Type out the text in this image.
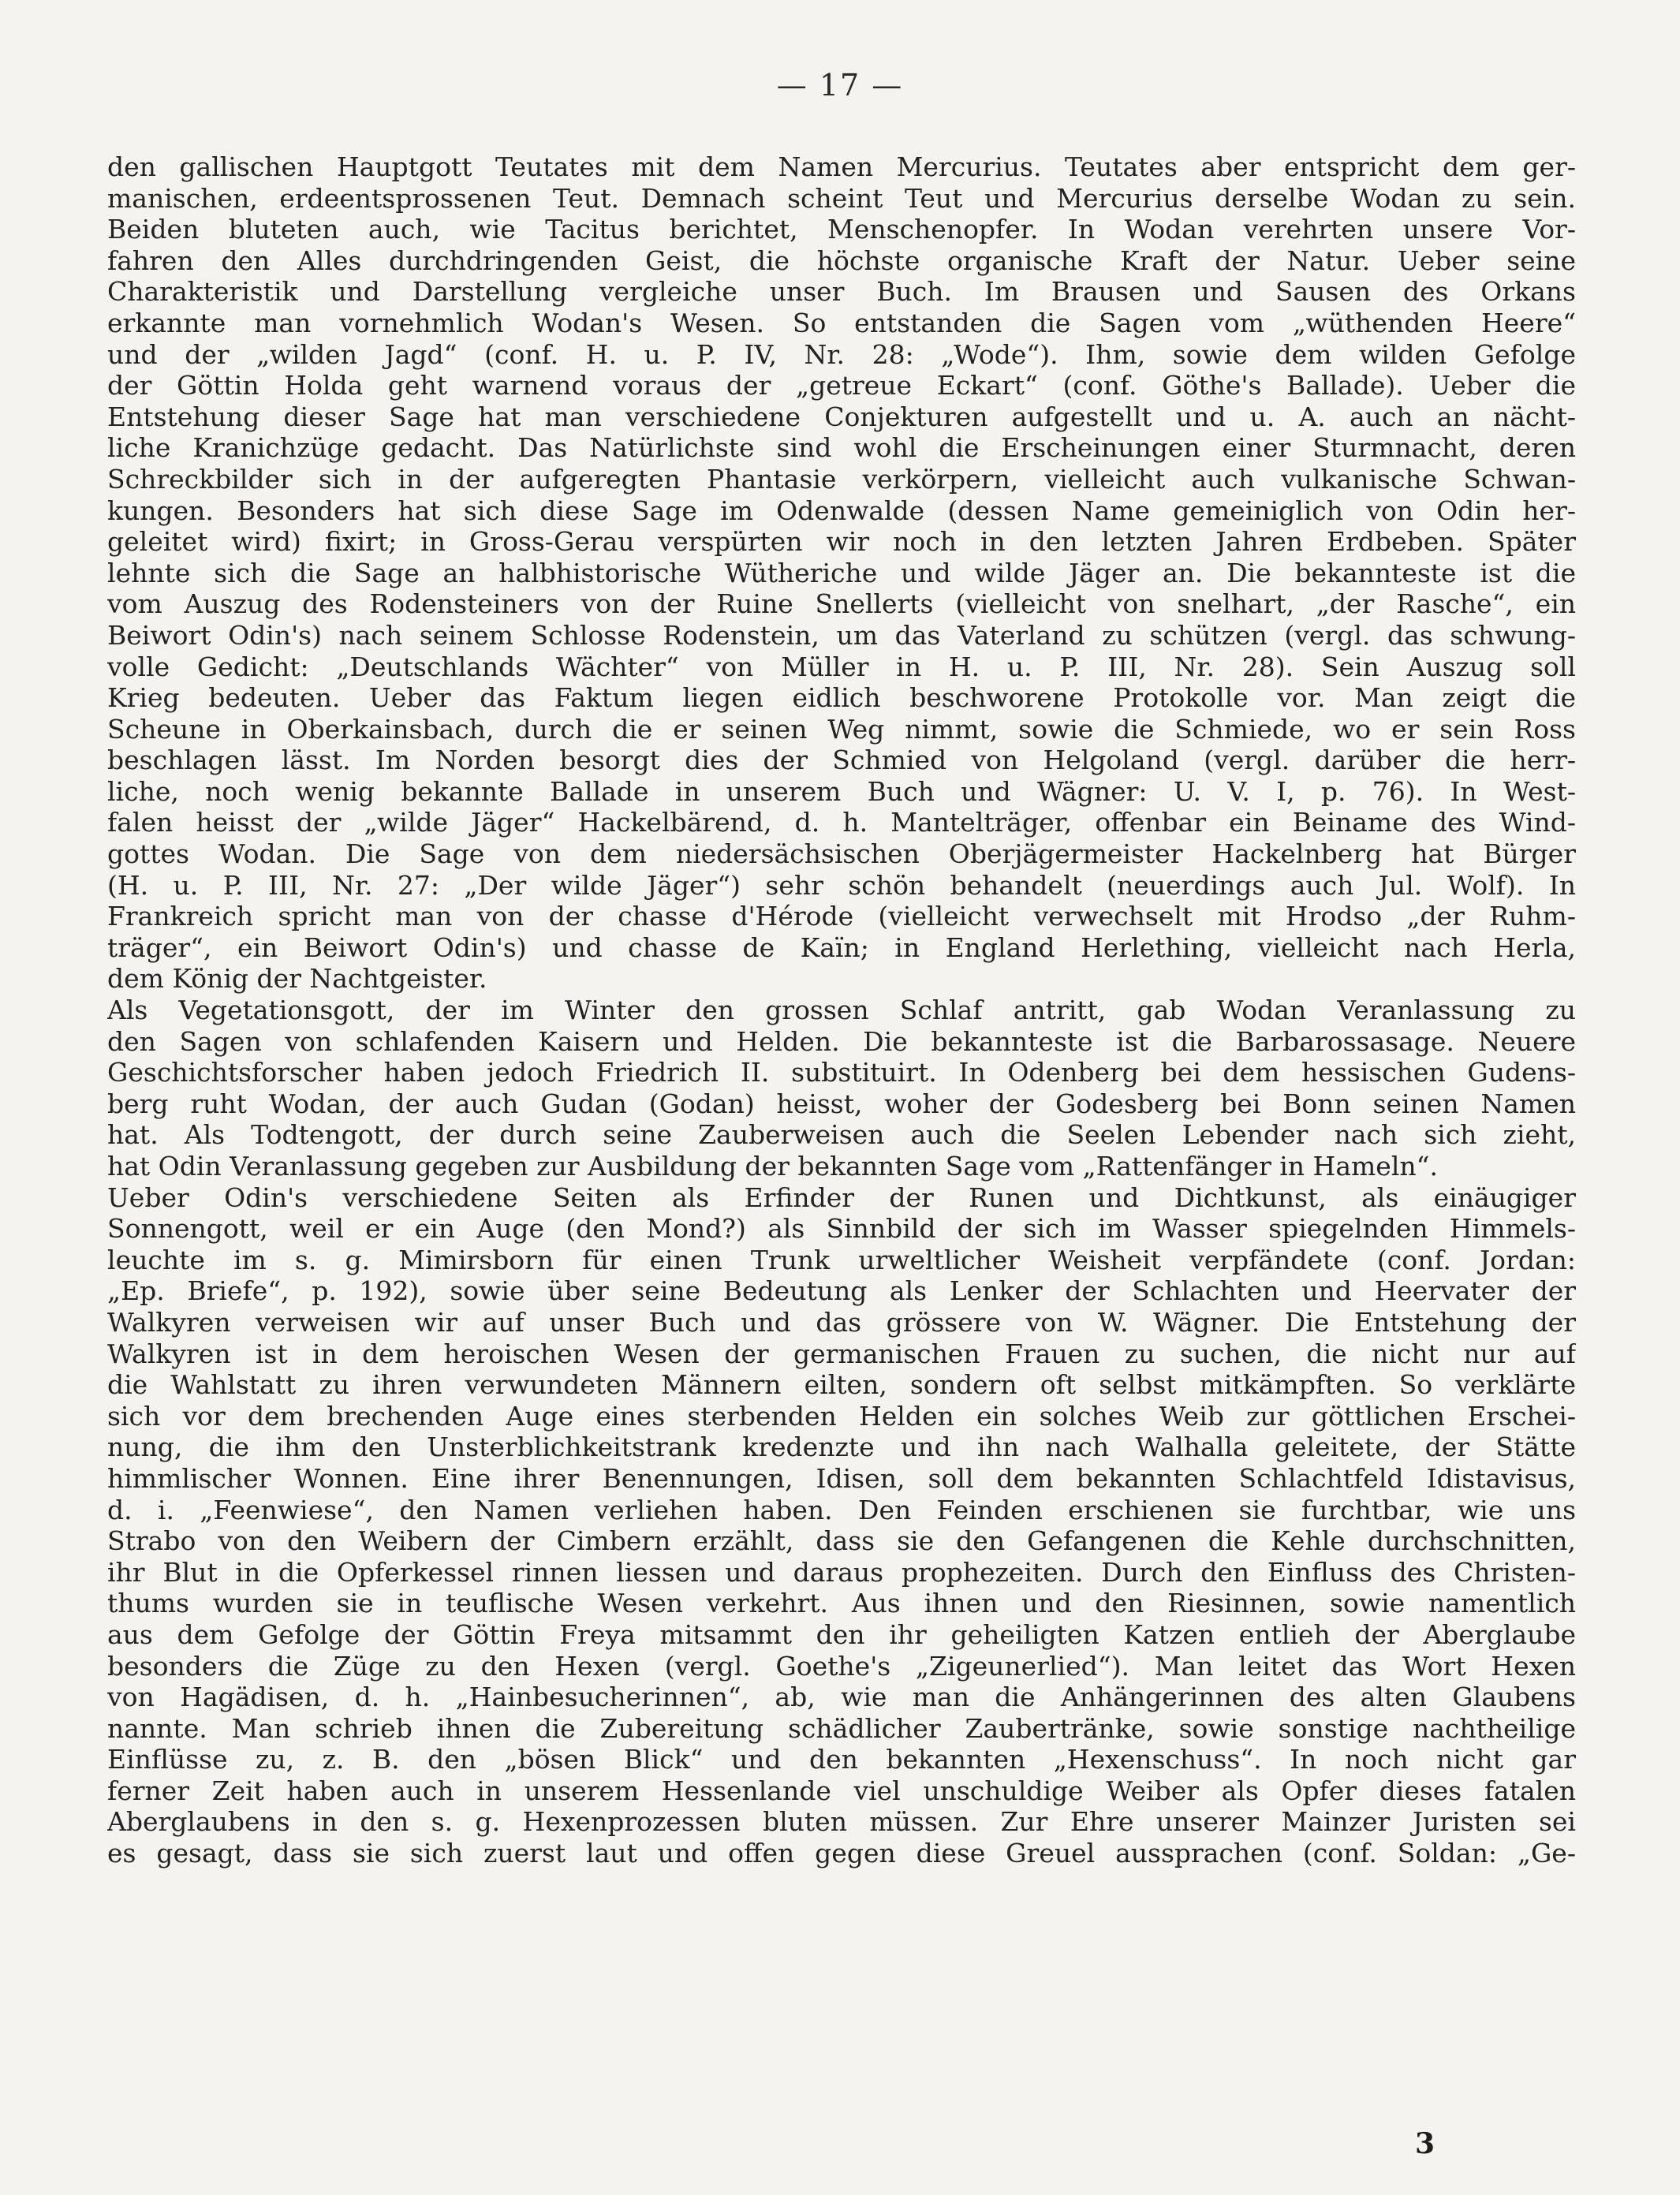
— 17 —
den gallischen Hauptgott Teutates mit dem Namen Mercurius. Teutates aber entspricht dem ger-
manischen, erdeentsprossenen Teut. Demnach scheint Teut und Mercurius derselbe Wodan zu sein.
Beiden bluteten auch, wie Tacitus berichtet, Menschenopfer. In Wodan verehrten unsere Vor-
fahren den Alles durchdringenden Geist, die höchste organische Kraft der Natur. Ueber seine
Charakteristik und Darstellung vergleiche unser Buch. Im Brausen und Sausen des Orkans
erkannte man vornehmlich Wodan's Wesen. So entstanden die Sagen vom „wüthenden Heere“
und der „wilden Jagd“ (conf. H. u. P. IV, Nr. 28: „Wode“). Ihm, sowie dem wilden Gefolge
der Göttin Holda geht warnend voraus der „getreue Eckart“ (conf. Göthe's Ballade). Ueber die
Entstehung dieser Sage hat man verschiedene Conjekturen aufgestellt und u. A. auch an nächt-
liche Kranichzüge gedacht. Das Natürlichste sind wohl die Erscheinungen einer Sturmnacht, deren
Schreckbilder sich in der aufgeregten Phantasie verkörpern, vielleicht auch vulkanische Schwan-
kungen. Besonders hat sich diese Sage im Odenwalde (dessen Name gemeiniglich von Odin her-
geleitet wird) fixirt; in Gross-Gerau verspürten wir noch in den letzten Jahren Erdbeben. Später
lehnte sich die Sage an halbhistorische Wütheriche und wilde Jäger an. Die bekannteste ist die
vom Auszug des Rodensteiners von der Ruine Snellerts (vielleicht von snelhart, „der Rasche“, ein
Beiwort Odin's) nach seinem Schlosse Rodenstein, um das Vaterland zu schützen (vergl. das schwung-
volle Gedicht: „Deutschlands Wächter“ von Müller in H. u. P. III, Nr. 28). Sein Auszug soll
Krieg bedeuten. Ueber das Faktum liegen eidlich beschworene Protokolle vor. Man zeigt die
Scheune in Oberkainsbach, durch die er seinen Weg nimmt, sowie die Schmiede, wo er sein Ross
beschlagen lässt. Im Norden besorgt dies der Schmied von Helgoland (vergl. darüber die herr-
liche, noch wenig bekannte Ballade in unserem Buch und Wägner: U. V. I, p. 76). In West-
falen heisst der „wilde Jäger“ Hackelbärend, d. h. Mantelträger, offenbar ein Beiname des Wind-
gottes Wodan. Die Sage von dem niedersächsischen Oberjägermeister Hackelnberg hat Bürger
(H. u. P. III, Nr. 27: „Der wilde Jäger“) sehr schön behandelt (neuerdings auch Jul. Wolf). In
Frankreich spricht man von der chasse d'Hérode (vielleicht verwechselt mit Hrodso „der Ruhm-
träger“, ein Beiwort Odin's) und chasse de Kaïn; in England Herlething, vielleicht nach Herla,
dem König der Nachtgeister.
Als Vegetationsgott, der im Winter den grossen Schlaf antritt, gab Wodan Veranlassung zu
den Sagen von schlafenden Kaisern und Helden. Die bekannteste ist die Barbarossasage. Neuere
Geschichtsforscher haben jedoch Friedrich II. substituirt. In Odenberg bei dem hessischen Gudens-
berg ruht Wodan, der auch Gudan (Godan) heisst, woher der Godesberg bei Bonn seinen Namen
hat. Als Todtengott, der durch seine Zauberweisen auch die Seelen Lebender nach sich zieht,
hat Odin Veranlassung gegeben zur Ausbildung der bekannten Sage vom „Rattenfänger in Hameln“.
Ueber Odin's verschiedene Seiten als Erfinder der Runen und Dichtkunst, als einäugiger
Sonnengott, weil er ein Auge (den Mond?) als Sinnbild der sich im Wasser spiegelnden Himmels-
leuchte im s. g. Mimirsborn für einen Trunk urweltlicher Weisheit verpfändete (conf. Jordan:
„Ep. Briefe“, p. 192), sowie über seine Bedeutung als Lenker der Schlachten und Heervater der
Walkyren verweisen wir auf unser Buch und das grössere von W. Wägner. Die Entstehung der
Walkyren ist in dem heroischen Wesen der germanischen Frauen zu suchen, die nicht nur auf
die Wahlstatt zu ihren verwundeten Männern eilten, sondern oft selbst mitkämpften. So verklärte
sich vor dem brechenden Auge eines sterbenden Helden ein solches Weib zur göttlichen Erschei-
nung, die ihm den Unsterblichkeitstrank kredenzte und ihn nach Walhalla geleitete, der Stätte
himmlischer Wonnen. Eine ihrer Benennungen, Idisen, soll dem bekannten Schlachtfeld Idistavisus,
d. i. „Feenwiese“, den Namen verliehen haben. Den Feinden erschienen sie furchtbar, wie uns
Strabo von den Weibern der Cimbern erzählt, dass sie den Gefangenen die Kehle durchschnitten,
ihr Blut in die Opferkessel rinnen liessen und daraus prophezeiten. Durch den Einfluss des Christen-
thums wurden sie in teuflische Wesen verkehrt. Aus ihnen und den Riesinnen, sowie namentlich
aus dem Gefolge der Göttin Freya mitsammt den ihr geheiligten Katzen entlieh der Aberglaube
besonders die Züge zu den Hexen (vergl. Goethe's „Zigeunerlied“). Man leitet das Wort Hexen
von Hagädisen, d. h. „Hainbesucherinnen“, ab, wie man die Anhängerinnen des alten Glaubens
nannte. Man schrieb ihnen die Zubereitung schädlicher Zaubertränke, sowie sonstige nachtheilige
Einflüsse zu, z. B. den „bösen Blick“ und den bekannten „Hexenschuss“. In noch nicht gar
ferner Zeit haben auch in unserem Hessenlande viel unschuldige Weiber als Opfer dieses fatalen
Aberglaubens in den s. g. Hexenprozessen bluten müssen. Zur Ehre unserer Mainzer Juristen sei
es gesagt, dass sie sich zuerst laut und offen gegen diese Greuel aussprachen (conf. Soldan: „Ge-
3
